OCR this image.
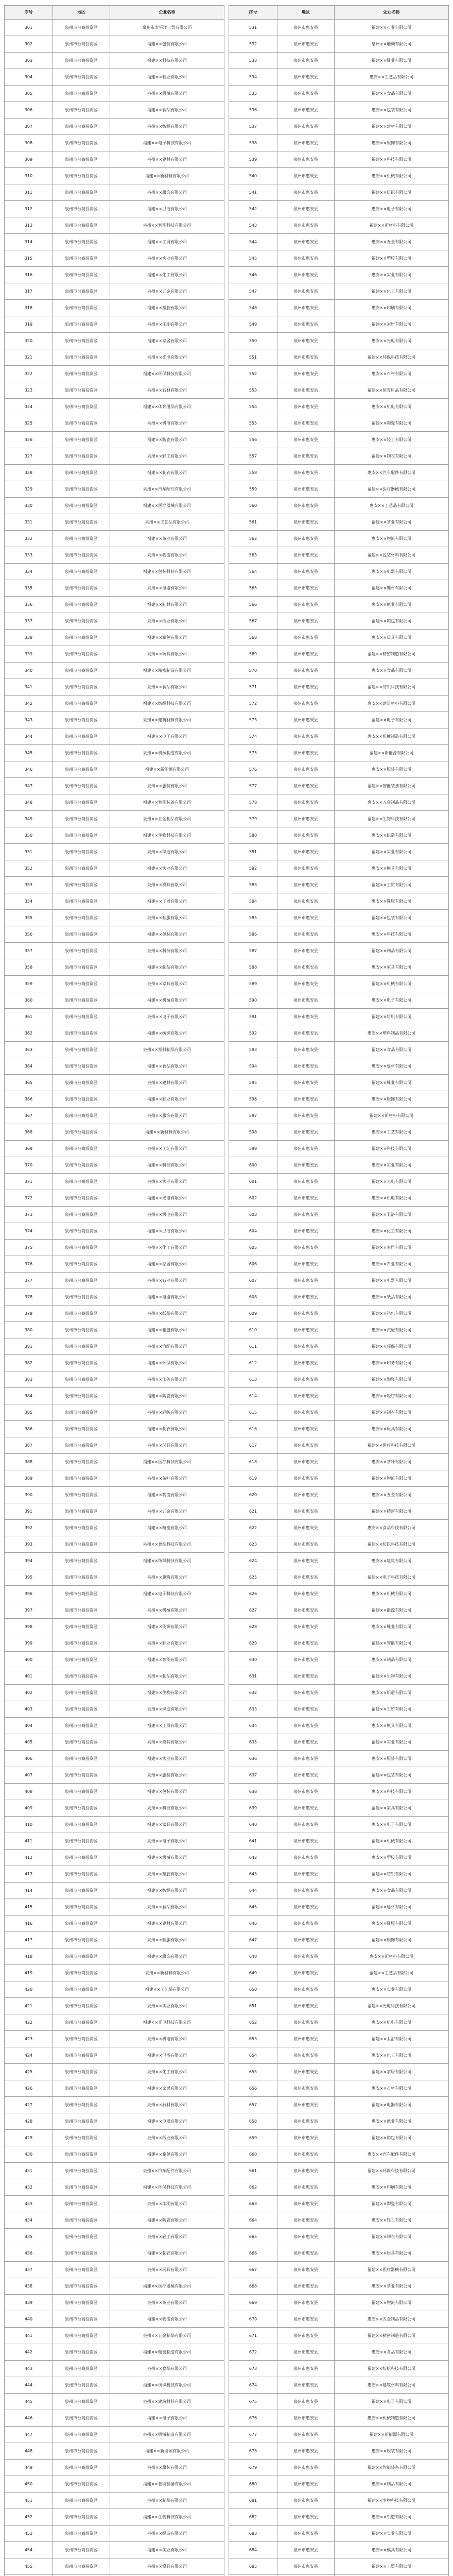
序号	地区	企业名称
301	泉州市台商投资区	泉州市太平洋工贸有限公司
302	泉州市台商投资区	福建××包装有限公司
303	泉州市台商投资区	福建××科技有限公司
304	泉州市台商投资区	福建××鞋业有限公司
305	泉州市台商投资区	泉州××机械有限公司
306	泉州市台商投资区	福建××食品有限公司
307	泉州市台商投资区	泉州××纺织有限公司
308	泉州市台商投资区	福建××电子科技有限公司
309	泉州市台商投资区	泉州××建材有限公司
310	泉州市台商投资区	福建××新材料有限公司
311	泉州市台商投资区	泉州××服饰有限公司
312	泉州市台商投资区	福建××卫浴有限公司
313	泉州市台商投资区	泉州××智能科技有限公司
314	泉州市台商投资区	福建××工贸有限公司
315	泉州市台商投资区	泉州××实业有限公司
316	泉州市台商投资区	福建××化工有限公司
317	泉州市台商投资区	泉州××五金有限公司
318	泉州市台商投资区	福建××塑胶有限公司
319	泉州市台商投资区	泉州××印刷有限公司
320	泉州市台商投资区	福建××家居有限公司
321	泉州市台商投资区	泉州××光电有限公司
322	泉州市台商投资区	福建××环保科技有限公司
323	泉州市台商投资区	泉州××石材有限公司
324	泉州市台商投资区	福建××体育用品有限公司
325	泉州市台商投资区	泉州××机电有限公司
326	泉州市台商投资区	福建××陶瓷有限公司
327	泉州市台商投资区	泉州××轻工有限公司
328	泉州市台商投资区	福建××制衣有限公司
329	泉州市台商投资区	泉州××汽车配件有限公司
330	泉州市台商投资区	福建××医疗器械有限公司
331	泉州市台商投资区	泉州××工艺品有限公司
332	泉州市台商投资区	福建××茶业有限公司
333	泉州市台商投资区	泉州××物流有限公司
334	泉州市台商投资区	福建××包装材料有限公司
335	泉州市台商投资区	泉州××电器有限公司
336	泉州市台商投资区	福建××鞋材有限公司
337	泉州市台商投资区	泉州××纸业有限公司
338	泉州市台商投资区	福建××箱包有限公司
339	泉州市台商投资区	泉州××玩具有限公司
340	泉州市台商投资区	福建××精密制造有限公司
341	泉州市台商投资区	泉州××食品有限公司
342	泉州市台商投资区	福建××纺织科技有限公司
343	泉州市台商投资区	泉州××建筑材料有限公司
344	泉州市台商投资区	福建××电子有限公司
345	泉州市台商投资区	泉州××机械制造有限公司
346	泉州市台商投资区	福建××新能源有限公司
347	泉州市台商投资区	泉州××服装有限公司
348	泉州市台商投资区	福建××智能装备有限公司
349	泉州市台商投资区	泉州××五金制品有限公司
350	泉州市台商投资区	福建××生物科技有限公司
351	泉州市台商投资区	泉州××织造有限公司
352	泉州市台商投资区	福建××实业有限公司
353	泉州市台商投资区	泉州××模具有限公司
354	泉州市台商投资区	福建××工贸有限公司
355	泉州市台商投资区	泉州××鞋服有限公司
356	泉州市台商投资区	福建××包装有限公司
357	泉州市台商投资区	泉州××科技有限公司
358	泉州市台商投资区	福建××制品有限公司
359	泉州市台商投资区	泉州××家具有限公司
360	泉州市台商投资区	福建××机械有限公司
361	泉州市台商投资区	泉州××电子有限公司
362	泉州市台商投资区	福建××纺织有限公司
363	泉州市台商投资区	泉州××塑料制品有限公司
364	泉州市台商投资区	福建××食品有限公司
365	泉州市台商投资区	泉州××建材有限公司
366	泉州市台商投资区	福建××鞋业有限公司
367	泉州市台商投资区	泉州××服饰有限公司
368	泉州市台商投资区	福建××新材料有限公司
369	泉州市台商投资区	泉州××工艺有限公司
370	泉州市台商投资区	福建××科技有限公司
371	泉州市台商投资区	泉州××实业有限公司
372	泉州市台商投资区	福建××光电有限公司
373	泉州市台商投资区	泉州××机电有限公司
374	泉州市台商投资区	福建××卫浴有限公司
375	泉州市台商投资区	泉州××化工有限公司
376	泉州市台商投资区	福建××家居有限公司
377	泉州市台商投资区	泉州××石业有限公司
378	泉州市台商投资区	福建××电器有限公司
379	泉州市台商投资区	泉州××纸品有限公司
380	泉州市台商投资区	福建××箱包有限公司
381	泉州市台商投资区	泉州××汽配有限公司
382	泉州市台商投资区	福建××环保有限公司
383	泉州市台商投资区	泉州××印务有限公司
384	泉州市台商投资区	福建××陶瓷有限公司
385	泉州市台商投资区	泉州××轻纺有限公司
386	泉州市台商投资区	福建××制衣有限公司
387	泉州市台商投资区	泉州××玩具有限公司
388	泉州市台商投资区	福建××医疗科技有限公司
389	泉州市台商投资区	泉州××茶叶有限公司
390	泉州市台商投资区	福建××物流有限公司
391	泉州市台商投资区	泉州××五金有限公司
392	泉州市台商投资区	福建××精密有限公司
393	泉州市台商投资区	泉州××食品科技有限公司
394	泉州市台商投资区	福建××纺织科技有限公司
395	泉州市台商投资区	泉州××建筑有限公司
396	泉州市台商投资区	福建××电子科技有限公司
397	泉州市台商投资区	泉州××机械有限公司
398	泉州市台商投资区	福建××能源有限公司
399	泉州市台商投资区	泉州××鞋业有限公司
400	泉州市台商投资区	福建××智能有限公司
401	泉州市台商投资区	泉州××制品有限公司
402	泉州市台商投资区	福建××生物有限公司
403	泉州市台商投资区	泉州××织造有限公司
404	泉州市台商投资区	福建××工贸有限公司
405	泉州市台商投资区	泉州××模具有限公司
406	泉州市台商投资区	福建××实业有限公司
407	泉州市台商投资区	泉州××服装有限公司
408	泉州市台商投资区	福建××包装有限公司
409	泉州市台商投资区	泉州××科技有限公司
410	泉州市台商投资区	福建××家具有限公司
411	泉州市台商投资区	泉州××电子有限公司
412	泉州市台商投资区	福建××机械有限公司
413	泉州市台商投资区	泉州××塑胶有限公司
414	泉州市台商投资区	福建××纺织有限公司
415	泉州市台商投资区	泉州××食品有限公司
416	泉州市台商投资区	福建××建材有限公司
417	泉州市台商投资区	泉州××鞋服有限公司
418	泉州市台商投资区	福建××服饰有限公司
419	泉州市台商投资区	泉州××新材料有限公司
420	泉州市台商投资区	福建××工艺品有限公司
421	泉州市台商投资区	泉州××实业有限公司
422	泉州市台商投资区	福建××光电科技有限公司
423	泉州市台商投资区	泉州××机电有限公司
424	泉州市台商投资区	福建××卫浴有限公司
425	泉州市台商投资区	泉州××化工有限公司
426	泉州市台商投资区	福建××家居有限公司
427	泉州市台商投资区	泉州××石材有限公司
428	泉州市台商投资区	福建××电器有限公司
429	泉州市台商投资区	泉州××纸业有限公司
430	泉州市台商投资区	福建××箱包有限公司
431	泉州市台商投资区	泉州××汽车配件有限公司
432	泉州市台商投资区	福建××环保科技有限公司
433	泉州市台商投资区	泉州××印刷有限公司
434	泉州市台商投资区	福建××陶瓷有限公司
435	泉州市台商投资区	泉州××轻工有限公司
436	泉州市台商投资区	福建××制衣有限公司
437	泉州市台商投资区	泉州××玩具有限公司
438	泉州市台商投资区	福建××医疗器械有限公司
439	泉州市台商投资区	泉州××茶业有限公司
440	泉州市台商投资区	福建××物流有限公司
441	泉州市台商投资区	泉州××五金制品有限公司
442	泉州市台商投资区	福建××精密制造有限公司
443	泉州市台商投资区	泉州××食品有限公司
444	泉州市台商投资区	福建××纺织科技有限公司
445	泉州市台商投资区	泉州××建筑材料有限公司
446	泉州市台商投资区	福建××电子有限公司
447	泉州市台商投资区	泉州××机械制造有限公司
448	泉州市台商投资区	福建××新能源有限公司
449	泉州市台商投资区	泉州××服装有限公司
450	泉州市台商投资区	福建××智能装备有限公司
451	泉州市台商投资区	泉州××制品有限公司
452	泉州市台商投资区	福建××生物科技有限公司
453	泉州市台商投资区	泉州××织造有限公司
454	泉州市台商投资区	福建××实业有限公司
455	泉州市台商投资区	泉州××模具有限公司

序号	地区	企业名称
531	泉州市惠安县	福建××石业有限公司
532	泉州市惠安县	泉州××雕刻有限公司
533	泉州市惠安县	福建××鞋业有限公司
534	泉州市惠安县	惠安××工艺品有限公司
535	泉州市惠安县	福建××食品有限公司
536	泉州市惠安县	惠安××包装有限公司
537	泉州市惠安县	福建××建材有限公司
538	泉州市惠安县	惠安××服饰有限公司
539	泉州市惠安县	福建××科技有限公司
540	泉州市惠安县	惠安××机械有限公司
541	泉州市惠安县	福建××纺织有限公司
542	泉州市惠安县	惠安××电子有限公司
543	泉州市惠安县	福建××新材料有限公司
544	泉州市惠安县	惠安××五金有限公司
545	泉州市惠安县	福建××塑胶有限公司
546	泉州市惠安县	惠安××实业有限公司
547	泉州市惠安县	福建××化工有限公司
548	泉州市惠安县	惠安××印刷有限公司
549	泉州市惠安县	福建××家居有限公司
550	泉州市惠安县	惠安××光电有限公司
551	泉州市惠安县	福建××环保科技有限公司
552	泉州市惠安县	惠安××石材有限公司
553	泉州市惠安县	福建××体育用品有限公司
554	泉州市惠安县	惠安××机电有限公司
555	泉州市惠安县	福建××陶瓷有限公司
556	泉州市惠安县	惠安××轻工有限公司
557	泉州市惠安县	福建××制衣有限公司
558	泉州市惠安县	惠安××汽车配件有限公司
559	泉州市惠安县	福建××医疗器械有限公司
560	泉州市惠安县	惠安××工艺品有限公司
561	泉州市惠安县	福建××茶业有限公司
562	泉州市惠安县	惠安××物流有限公司
563	泉州市惠安县	福建××包装材料有限公司
564	泉州市惠安县	惠安××电器有限公司
565	泉州市惠安县	福建××鞋材有限公司
566	泉州市惠安县	惠安××纸业有限公司
567	泉州市惠安县	福建××箱包有限公司
568	泉州市惠安县	惠安××玩具有限公司
569	泉州市惠安县	福建××精密制造有限公司
570	泉州市惠安县	惠安××食品有限公司
571	泉州市惠安县	福建××纺织科技有限公司
572	泉州市惠安县	惠安××建筑材料有限公司
573	泉州市惠安县	福建××电子有限公司
574	泉州市惠安县	惠安××机械制造有限公司
575	泉州市惠安县	福建××新能源有限公司
576	泉州市惠安县	惠安××服装有限公司
577	泉州市惠安县	福建××智能装备有限公司
578	泉州市惠安县	惠安××五金制品有限公司
579	泉州市惠安县	福建××生物科技有限公司
580	泉州市惠安县	惠安××织造有限公司
581	泉州市惠安县	福建××实业有限公司
582	泉州市惠安县	惠安××模具有限公司
583	泉州市惠安县	福建××工贸有限公司
584	泉州市惠安县	惠安××鞋服有限公司
585	泉州市惠安县	福建××包装有限公司
586	泉州市惠安县	惠安××科技有限公司
587	泉州市惠安县	福建××制品有限公司
588	泉州市惠安县	惠安××家具有限公司
589	泉州市惠安县	福建××机械有限公司
590	泉州市惠安县	惠安××电子有限公司
591	泉州市惠安县	福建××纺织有限公司
592	泉州市惠安县	惠安××塑料制品有限公司
593	泉州市惠安县	福建××食品有限公司
594	泉州市惠安县	惠安××建材有限公司
595	泉州市惠安县	福建××鞋业有限公司
596	泉州市惠安县	惠安××服饰有限公司
597	泉州市惠安县	福建××新材料有限公司
598	泉州市惠安县	惠安××工艺有限公司
599	泉州市惠安县	福建××科技有限公司
600	泉州市惠安县	惠安××实业有限公司
601	泉州市惠安县	福建××光电有限公司
602	泉州市惠安县	惠安××机电有限公司
603	泉州市惠安县	福建××卫浴有限公司
604	泉州市惠安县	惠安××化工有限公司
605	泉州市惠安县	福建××家居有限公司
606	泉州市惠安县	惠安××石业有限公司
607	泉州市惠安县	福建××电器有限公司
608	泉州市惠安县	惠安××纸品有限公司
609	泉州市惠安县	福建××箱包有限公司
610	泉州市惠安县	惠安××汽配有限公司
611	泉州市惠安县	福建××环保有限公司
612	泉州市惠安县	惠安××印务有限公司
613	泉州市惠安县	福建××陶瓷有限公司
614	泉州市惠安县	惠安××轻纺有限公司
615	泉州市惠安县	福建××制衣有限公司
616	泉州市惠安县	惠安××玩具有限公司
617	泉州市惠安县	福建××医疗科技有限公司
618	泉州市惠安县	惠安××茶叶有限公司
619	泉州市惠安县	福建××物流有限公司
620	泉州市惠安县	惠安××五金有限公司
621	泉州市惠安县	福建××精密有限公司
622	泉州市惠安县	惠安××食品科技有限公司
623	泉州市惠安县	福建××纺织科技有限公司
624	泉州市惠安县	惠安××建筑有限公司
625	泉州市惠安县	福建××电子科技有限公司
626	泉州市惠安县	惠安××机械有限公司
627	泉州市惠安县	福建××能源有限公司
628	泉州市惠安县	惠安××鞋业有限公司
629	泉州市惠安县	福建××智能有限公司
630	泉州市惠安县	惠安××制品有限公司
631	泉州市惠安县	福建××生物有限公司
632	泉州市惠安县	惠安××织造有限公司
633	泉州市惠安县	福建××工贸有限公司
634	泉州市惠安县	惠安××模具有限公司
635	泉州市惠安县	福建××实业有限公司
636	泉州市惠安县	惠安××服装有限公司
637	泉州市惠安县	福建××包装有限公司
638	泉州市惠安县	惠安××科技有限公司
639	泉州市惠安县	福建××家具有限公司
640	泉州市惠安县	惠安××电子有限公司
641	泉州市惠安县	福建××机械有限公司
642	泉州市惠安县	惠安××塑胶有限公司
643	泉州市惠安县	福建××纺织有限公司
644	泉州市惠安县	惠安××食品有限公司
645	泉州市惠安县	福建××建材有限公司
646	泉州市惠安县	惠安××鞋服有限公司
647	泉州市惠安县	福建××服饰有限公司
648	泉州市惠安县	惠安××新材料有限公司
649	泉州市惠安县	福建××工艺品有限公司
650	泉州市惠安县	惠安××实业有限公司
651	泉州市惠安县	福建××光电科技有限公司
652	泉州市惠安县	惠安××机电有限公司
653	泉州市惠安县	福建××卫浴有限公司
654	泉州市惠安县	惠安××化工有限公司
655	泉州市惠安县	福建××家居有限公司
656	泉州市惠安县	惠安××石材有限公司
657	泉州市惠安县	福建××电器有限公司
658	泉州市惠安县	惠安××纸业有限公司
659	泉州市惠安县	福建××箱包有限公司
660	泉州市惠安县	惠安××汽车配件有限公司
661	泉州市惠安县	福建××环保科技有限公司
662	泉州市惠安县	惠安××印刷有限公司
663	泉州市惠安县	福建××陶瓷有限公司
664	泉州市惠安县	惠安××轻工有限公司
665	泉州市惠安县	福建××制衣有限公司
666	泉州市惠安县	惠安××玩具有限公司
667	泉州市惠安县	福建××医疗器械有限公司
668	泉州市惠安县	惠安××茶业有限公司
669	泉州市惠安县	福建××物流有限公司
670	泉州市惠安县	惠安××五金制品有限公司
671	泉州市惠安县	福建××精密制造有限公司
672	泉州市惠安县	惠安××食品有限公司
673	泉州市惠安县	福建××纺织科技有限公司
674	泉州市惠安县	惠安××建筑材料有限公司
675	泉州市惠安县	福建××电子有限公司
676	泉州市惠安县	惠安××机械制造有限公司
677	泉州市惠安县	福建××新能源有限公司
678	泉州市惠安县	惠安××服装有限公司
679	泉州市惠安县	福建××智能装备有限公司
680	泉州市惠安县	惠安××制品有限公司
681	泉州市惠安县	福建××生物科技有限公司
682	泉州市惠安县	惠安××织造有限公司
683	泉州市惠安县	福建××实业有限公司
684	泉州市惠安县	惠安××模具有限公司
685	泉州市惠安县	福建××工贸有限公司
